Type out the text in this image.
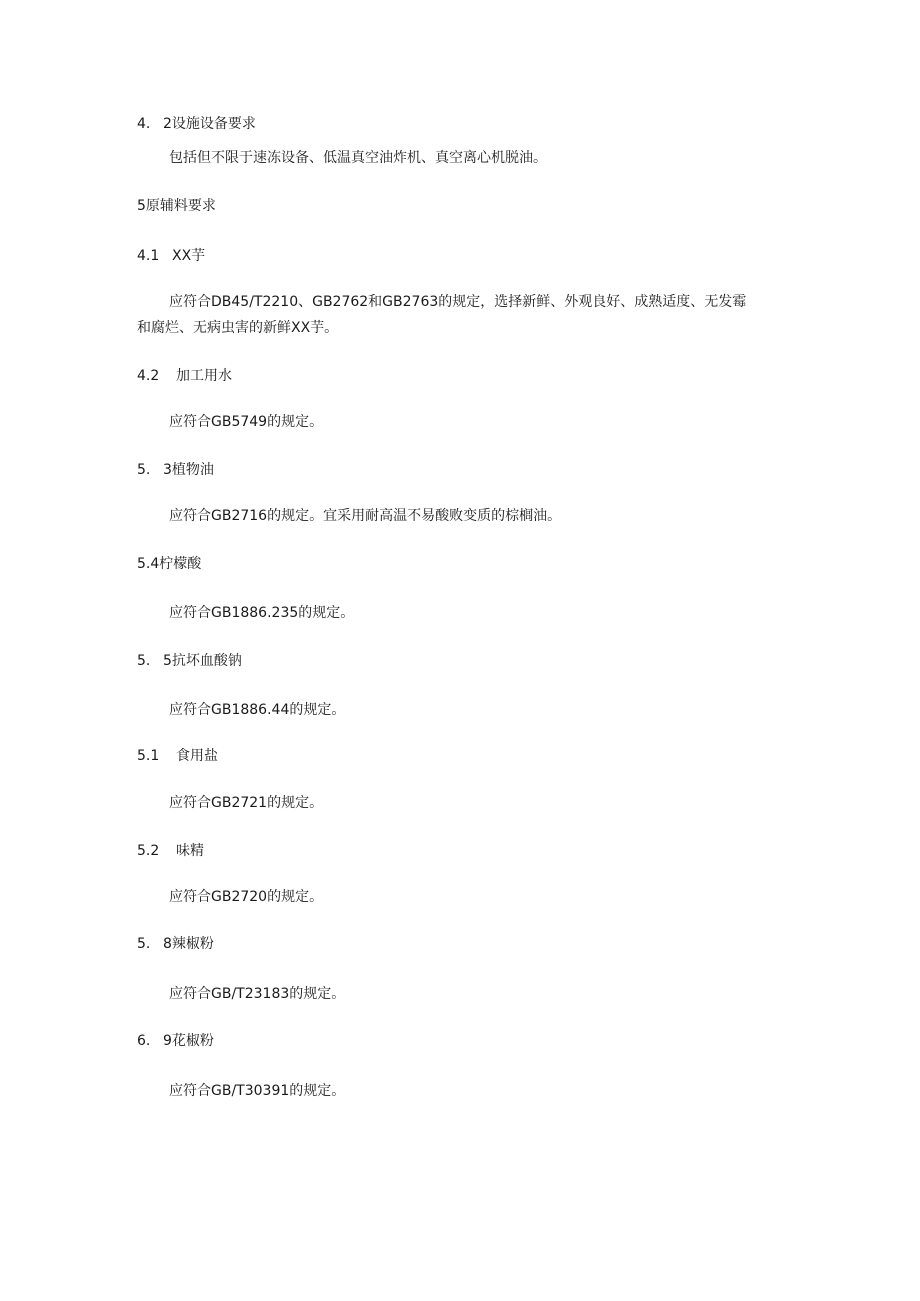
4. 2设施设备要求
包括但不限于速冻设备、低温真空油炸机、真空离心机脱油。
5原辅料要求
4.1 XX芋
应符合DB45/T2210、GB2762和GB2763的规定，选择新鲜、外观良好、成熟适度、无发霉
和腐烂、无病虫害的新鲜XX芋。
4.2 加工用水
应符合GB5749的规定。
5. 3植物油
应符合GB2716的规定。宜采用耐高温不易酸败变质的棕榈油。
5.4柠檬酸
应符合GB1886.235的规定。
5. 5抗坏血酸钠
应符合GB1886.44的规定。
5.1 食用盐
应符合GB2721的规定。
5.2 味精
应符合GB2720的规定。
5. 8辣椒粉
应符合GB/T23183的规定。
6. 9花椒粉
应符合GB/T30391的规定。
